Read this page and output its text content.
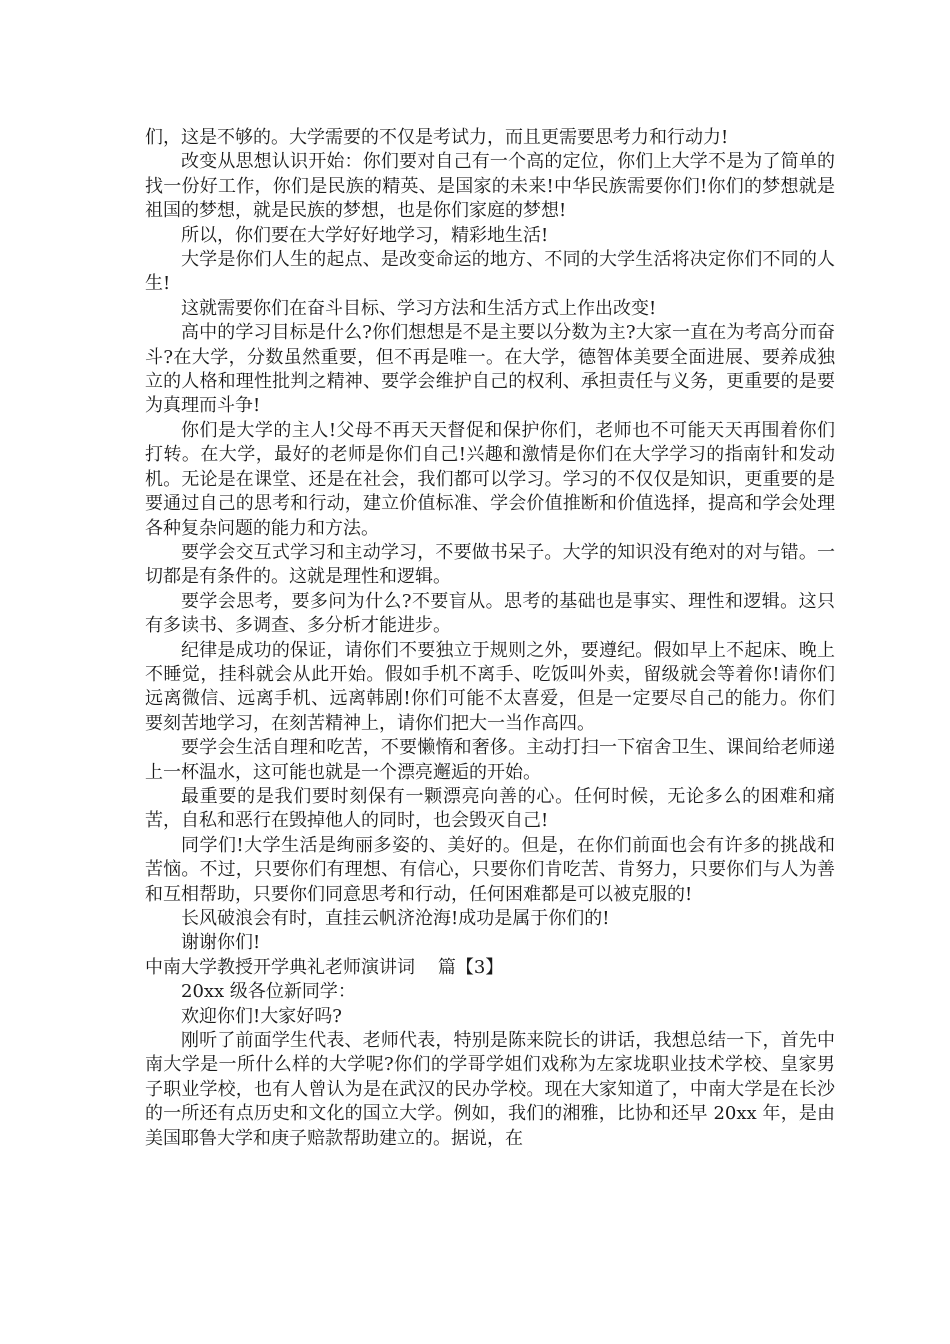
们，这是不够的。大学需要的不仅是考试力，而且更需要思考力和行动力!

改变从思想认识开始：你们要对自己有一个高的定位，你们上大学不是为了简单的找一份好工作，你们是民族的精英、是国家的未来!中华民族需要你们!你们的梦想就是祖国的梦想，就是民族的梦想，也是你们家庭的梦想!

所以，你们要在大学好好地学习，精彩地生活!

大学是你们人生的起点、是改变命运的地方、不同的大学生活将决定你们不同的人生!

这就需要你们在奋斗目标、学习方法和生活方式上作出改变!

高中的学习目标是什么?你们想想是不是主要以分数为主?大家一直在为考高分而奋斗?在大学，分数虽然重要，但不再是唯一。在大学，德智体美要全面进展、要养成独立的人格和理性批判之精神、要学会维护自己的权利、承担责任与义务，更重要的是要为真理而斗争!

你们是大学的主人!父母不再天天督促和保护你们，老师也不可能天天再围着你们打转。在大学，最好的老师是你们自己!兴趣和激情是你们在大学学习的指南针和发动机。无论是在课堂、还是在社会，我们都可以学习。学习的不仅仅是知识，更重要的是要通过自己的思考和行动，建立价值标准、学会价值推断和价值选择，提高和学会处理各种复杂问题的能力和方法。

要学会交互式学习和主动学习，不要做书呆子。大学的知识没有绝对的对与错。一切都是有条件的。这就是理性和逻辑。

要学会思考，要多问为什么?不要盲从。思考的基础也是事实、理性和逻辑。这只有多读书、多调查、多分析才能进步。

纪律是成功的保证，请你们不要独立于规则之外，要遵纪。假如早上不起床、晚上不睡觉，挂科就会从此开始。假如手机不离手、吃饭叫外卖，留级就会等着你!请你们远离微信、远离手机、远离韩剧!你们可能不太喜爱，但是一定要尽自己的能力。你们要刻苦地学习，在刻苦精神上，请你们把大一当作高四。

要学会生活自理和吃苦，不要懒惰和奢侈。主动打扫一下宿舍卫生、课间给老师递上一杯温水，这可能也就是一个漂亮邂逅的开始。

最重要的是我们要时刻保有一颗漂亮向善的心。任何时候，无论多么的困难和痛苦，自私和恶行在毁掉他人的同时，也会毁灭自己!

同学们!大学生活是绚丽多姿的、美好的。但是，在你们前面也会有许多的挑战和苦恼。不过，只要你们有理想、有信心，只要你们肯吃苦、肯努力，只要你们与人为善和互相帮助，只要你们同意思考和行动，任何困难都是可以被克服的!

长风破浪会有时，直挂云帆济沧海!成功是属于你们的!

谢谢你们!

中南大学教授开学典礼老师演讲词    篇【3】

20xx 级各位新同学：

欢迎你们!大家好吗?

刚听了前面学生代表、老师代表，特别是陈来院长的讲话，我想总结一下，首先中南大学是一所什么样的大学呢?你们的学哥学姐们戏称为左家垅职业技术学校、皇家男子职业学校，也有人曾认为是在武汉的民办学校。现在大家知道了，中南大学是在长沙的一所还有点历史和文化的国立大学。例如，我们的湘雅，比协和还早 20xx 年，是由美国耶鲁大学和庚子赔款帮助建立的。据说，在
